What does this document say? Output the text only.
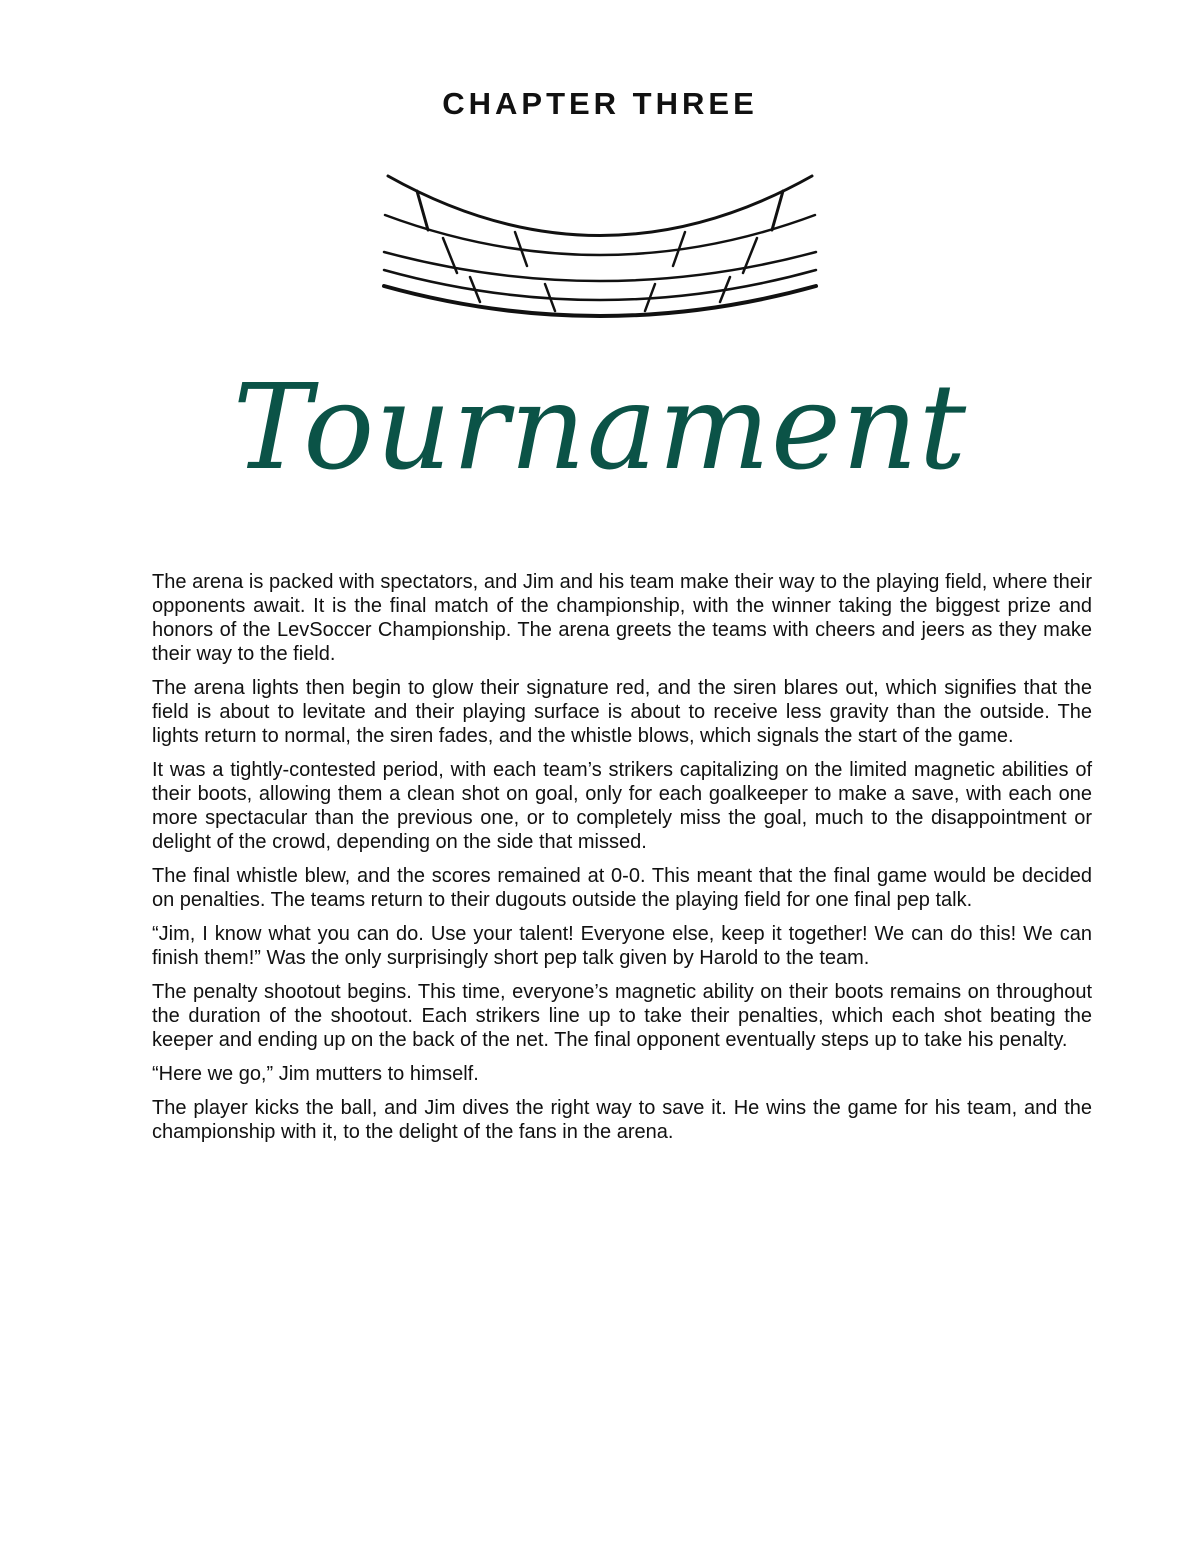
CHAPTER THREE
Tournament

The arena is packed with spectators, and Jim and his team make their way to the playing field, where their opponents await. It is the final match of the championship, with the winner taking the biggest prize and honors of the LevSoccer Championship. The arena greets the teams with cheers and jeers as they make their way to the field.

The arena lights then begin to glow their signature red, and the siren blares out, which signifies that the field is about to levitate and their playing surface is about to receive less gravity than the outside. The lights return to normal, the siren fades, and the whistle blows, which signals the start of the game.

It was a tightly-contested period, with each team’s strikers capitalizing on the limited magnetic abilities of their boots, allowing them a clean shot on goal, only for each goalkeeper to make a save, with each one more spectacular than the previous one, or to completely miss the goal, much to the disappointment or delight of the crowd, depending on the side that missed.

The final whistle blew, and the scores remained at 0-0. This meant that the final game would be decided on penalties. The teams return to their dugouts outside the playing field for one final pep talk.

“Jim, I know what you can do. Use your talent! Everyone else, keep it together! We can do this! We can finish them!” Was the only surprisingly short pep talk given by Harold to the team.

The penalty shootout begins. This time, everyone’s magnetic ability on their boots remains on throughout the duration of the shootout. Each strikers line up to take their penalties, which each shot beating the keeper and ending up on the back of the net. The final opponent eventually steps up to take his penalty.

“Here we go,” Jim mutters to himself.

The player kicks the ball, and Jim dives the right way to save it. He wins the game for his team, and the championship with it, to the delight of the fans in the arena.
